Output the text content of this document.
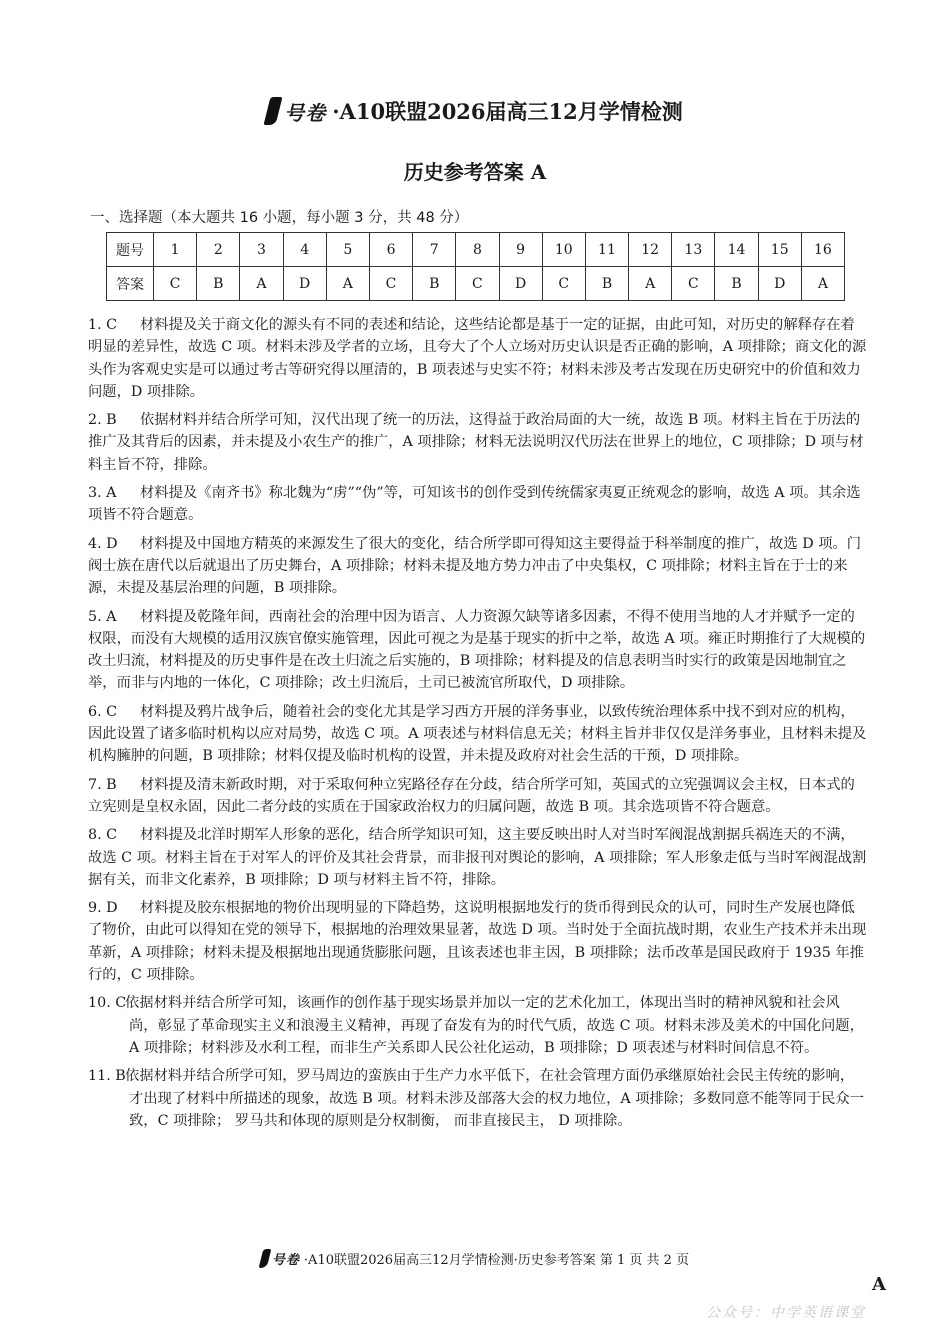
号卷 ·A10联盟2026届高三12月学情检测
历史参考答案 A
一、选择题（本大题共 16 小题，每小题 3 分，共 48 分）
题号	1	2	3	4	5	6	7	8	9	10	11	12	13	14	15	16
答案	C	B	A	D	A	C	B	C	D	C	B	A	C	B	D	A
1. C	材料提及关于商文化的源头有不同的表述和结论，这些结论都是基于一定的证据，由此可知，对历史的解释存在着明显的差异性，故选 C 项。材料未涉及学者的立场，且夸大了个人立场对历史认识是否正确的影响，A 项排除；商文化的源头作为客观史实是可以通过考古等研究得以厘清的，B 项表述与史实不符；材料未涉及考古发现在历史研究中的价值和效力问题，D 项排除。
2. B	依据材料并结合所学可知，汉代出现了统一的历法，这得益于政治局面的大一统，故选 B 项。材料主旨在于历法的推广及其背后的因素，并未提及小农生产的推广，A 项排除；材料无法说明汉代历法在世界上的地位，C 项排除；D 项与材料主旨不符，排除。
3. A	材料提及《南齐书》称北魏为“虏”“伪”等，可知该书的创作受到传统儒家夷夏正统观念的影响，故选 A 项。其余选项皆不符合题意。
4. D	材料提及中国地方精英的来源发生了很大的变化，结合所学即可得知这主要得益于科举制度的推广，故选 D 项。门阀士族在唐代以后就退出了历史舞台，A 项排除；材料未提及地方势力冲击了中央集权，C 项排除；材料主旨在于士的来源，未提及基层治理的问题，B 项排除。
5. A	材料提及乾隆年间，西南社会的治理中因为语言、人力资源欠缺等诸多因素，不得不使用当地的人才并赋予一定的权限，而没有大规模的适用汉族官僚实施管理，因此可视之为是基于现实的折中之举，故选 A 项。雍正时期推行了大规模的改土归流，材料提及的历史事件是在改土归流之后实施的，B 项排除；材料提及的信息表明当时实行的政策是因地制宜之举，而非与内地的一体化，C 项排除；改土归流后，土司已被流官所取代，D 项排除。
6. C	材料提及鸦片战争后，随着社会的变化尤其是学习西方开展的洋务事业，以致传统治理体系中找不到对应的机构，因此设置了诸多临时机构以应对局势，故选 C 项。A 项表述与材料信息无关；材料主旨并非仅仅是洋务事业，且材料未提及机构臃肿的问题，B 项排除；材料仅提及临时机构的设置，并未提及政府对社会生活的干预，D 项排除。
7. B	材料提及清末新政时期，对于采取何种立宪路径存在分歧，结合所学可知，英国式的立宪强调议会主权，日本式的立宪则是皇权永固，因此二者分歧的实质在于国家政治权力的归属问题，故选 B 项。其余选项皆不符合题意。
8. C	材料提及北洋时期军人形象的恶化，结合所学知识可知，这主要反映出时人对当时军阀混战割据兵祸连天的不满，故选 C 项。材料主旨在于对军人的评价及其社会背景，而非报刊对舆论的影响，A 项排除；军人形象走低与当时军阀混战割据有关，而非文化素养，B 项排除；D 项与材料主旨不符，排除。
9. D	材料提及胶东根据地的物价出现明显的下降趋势，这说明根据地发行的货币得到民众的认可，同时生产发展也降低了物价，由此可以得知在党的领导下，根据地的治理效果显著，故选 D 项。当时处于全面抗战时期，农业生产技术并未出现革新，A 项排除；材料未提及根据地出现通货膨胀问题，且该表述也非主因，B 项排除；法币改革是国民政府于 1935 年推行的，C 项排除。
10. C
依据材料并结合所学可知，该画作的创作基于现实场景并加以一定的艺术化加工，体现出当时的精神风貌和社会风尚，彰显了革命现实主义和浪漫主义精神，再现了奋发有为的时代气质，故选 C 项。材料未涉及美术的中国化问题，A 项排除；材料涉及水利工程，而非生产关系即人民公社化运动，B 项排除；D 项表述与材料时间信息不符。
11. B 依据材料并结合所学可知，罗马周边的蛮族由于生产力水平低下，在社会管理方面仍承继原始社会民主传统的影响，才出现了材料中所描述的现象，故选 B 项。材料未涉及部落大会的权力地位，A 项排除；多数同意不能等同于民众一致，C 项排除； 罗马共和体现的原则是分权制衡， 而非直接民主， D 项排除。
号卷 ·A10联盟2026届高三12月学情检测·历史参考答案 第 1 页 共 2 页
A
公众号：中学英语课堂
